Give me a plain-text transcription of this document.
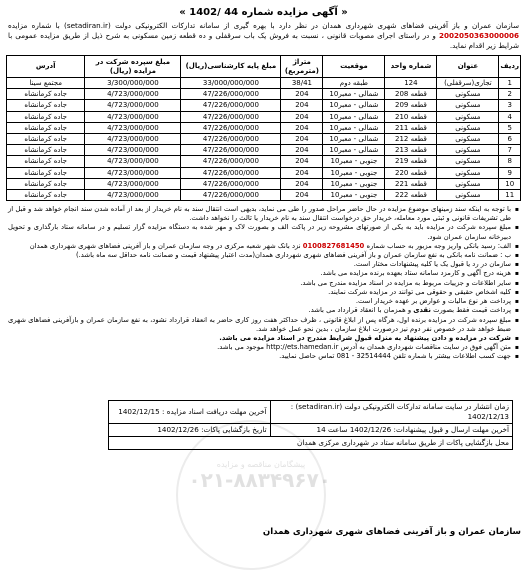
« آگهی مزایده شماره 44 /1402 »

سازمان عمران و باز آفرینی فضاهای شهری شهرداری همدان در نظر دارد با بهره گیری از سامانه تدارکات الکترونیکی دولت (setadiran.ir) با شماره مزایده 2002050363000006 و در راستای اجرای مصوبات قانونی ، نسبت به فروش یک باب سرقفلی و ده قطعه زمین مسکونی به شرح ذیل از طریق مزایده عمومی با شرایط زیر اقدام نماید.

ردیف	عنوان	شماره واحد	موقعیت	متراژ (مترمربع)	مبلغ پایه کارشناسی(ریال)	مبلغ سپرده شرکت در مزایده (ریال)	آدرس
1	تجاری(سرقفلی)	124	طبقه دوم	38/41	33/000/000/000	3/300/000/000	مجتمع سینا
2	مسکونی	قطعه 208	شمالی - معبر10	204	47/226/000/000	4/723/000/000	جاده کرمانشاه
3	مسکونی	قطعه 209	شمالی - معبر10	204	47/226/000/000	4/723/000/000	جاده کرمانشاه
4	مسکونی	قطعه 210	شمالی - معبر10	204	47/226/000/000	4/723/000/000	جاده کرمانشاه
5	مسکونی	قطعه 211	شمالی - معبر10	204	47/226/000/000	4/723/000/000	جاده کرمانشاه
6	مسکونی	قطعه 212	شمالی - معبر10	204	47/226/000/000	4/723/000/000	جاده کرمانشاه
7	مسکونی	قطعه 213	شمالی - معبر10	204	47/226/000/000	4/723/000/000	جاده کرمانشاه
8	مسکونی	قطعه 219	جنوبی - معبر10	204	47/226/000/000	4/723/000/000	جاده کرمانشاه
9	مسکونی	قطعه 220	جنوبی - معبر10	204	47/226/000/000	4/723/000/000	جاده کرمانشاه
10	مسکونی	قطعه 221	جنوبی - معبر10	204	47/226/000/000	4/723/000/000	جاده کرمانشاه
11	مسکونی	قطعه 222	جنوبی - معبر10	204	47/226/000/000	4/723/000/000	جاده کرمانشاه
پیشگامان مناقصه و مزایده
۰۲۱-۸۸۳۴۹۶۷۰
▪ با توجه به اینکه سند زمینهای موضوع مزایده در حال حاضر مراحل صدور را طی می نماید، بدیهی است انتقال سند به نام خریدار از بعد از آماده شدن سند انجام خواهد شد و قبل از طی تشریفات قانونی و ثبتی مورد معامله، خریدار حق درخواست انتقال سند به نام خریدار یا ثالث را نخواهد داشت.
▪ مبلغ سپرده شرکت در مزایده باید به یکی از صورتهای مشروحه زیر در پاکت الف و بصورت لاک و مهر شده به دستگاه مزایده گزار تسلیم و در سامانه ستاد بارگذاری و تحویل دبیرخانه سازمان عمران شود.
▪ الف: رسید بانکی واریز وجه مزبور به حساب شماره 0100827681450 نزد بانک شهر شعبه مرکزی در وجه سازمان عمران و باز آفرینی فضاهای شهری شهرداری همدان
▪ ب : ضمانت نامه بانکی به نفع سازمان عمران و باز آفرینی فضاهای شهری شهرداری همدان(مدت اعتبار پیشنهاد قیمت و ضمانت نامه حداقل سه ماه باشد.)
▪ سازمان در رد یا قبول یک یا کلیه پیشنهادات مختار است.
▪ هزینه درج آگهی و کارمزد سامانه ستاد بعهده برنده مزایده می باشد.
▪ سایر اطلاعات و جزییات مربوط به مزایده در اسناد مزایده مندرج می باشد.
▪ کلیه اشخاص حقیقی و حقوقی می توانند در مزایده شرکت نمایند.
▪ پرداخت هر نوع مالیات و عوارض بر عهده خریدار است.
▪ پرداخت قیمت فقط بصورت نقدی و همزمان با انعقاد قرارداد می باشد.
▪ مبلغ سپرده شرکت در مزایده برنده اول، هرگاه پس از ابلاغ قانونی ، ظرف حداکثر هفت روز کاری حاضر به انعقاد قرارداد نشود، به نفع سازمان عمران و بازآفرینی فضاهای شهری ضبط خواهد شد در خصوص نفر دوم نیز درصورت ابلاغ سازمان ، بدین نحو عمل خواهد شد.
▪ شرکت در مزایده و دادن پیشنهاد به منزله قبول شرایط مندرج در اسناد مزایده می باشد.
▪ متن آگهی فوق در سایت مناقصات شهرداری همدان به آدرس http://ets.hamedan.ir موجود می باشد.
▪ جهت کسب اطلاعات بیشتر با شماره تلفن 32514444 - 081 تماس حاصل نمایید.
زمان انتشار در سایت سامانه تدارکات الکترونیکی دولت (setadiran.ir) : 1402/12/13	آخرین مهلت دریافت اسناد مزایده : 1402/12/15
آخرین مهلت ارسال و قبول پیشنهادات: 1402/12/26 ساعت 14	تاریخ بازگشایی پاکات: 1402/12/26
محل بازگشایی پاکات از طریق سامانه ستاد در شهرداری مرکزی همدان	
سازمان عمران و باز آفرینی فضاهای شهری شهرداری همدان
